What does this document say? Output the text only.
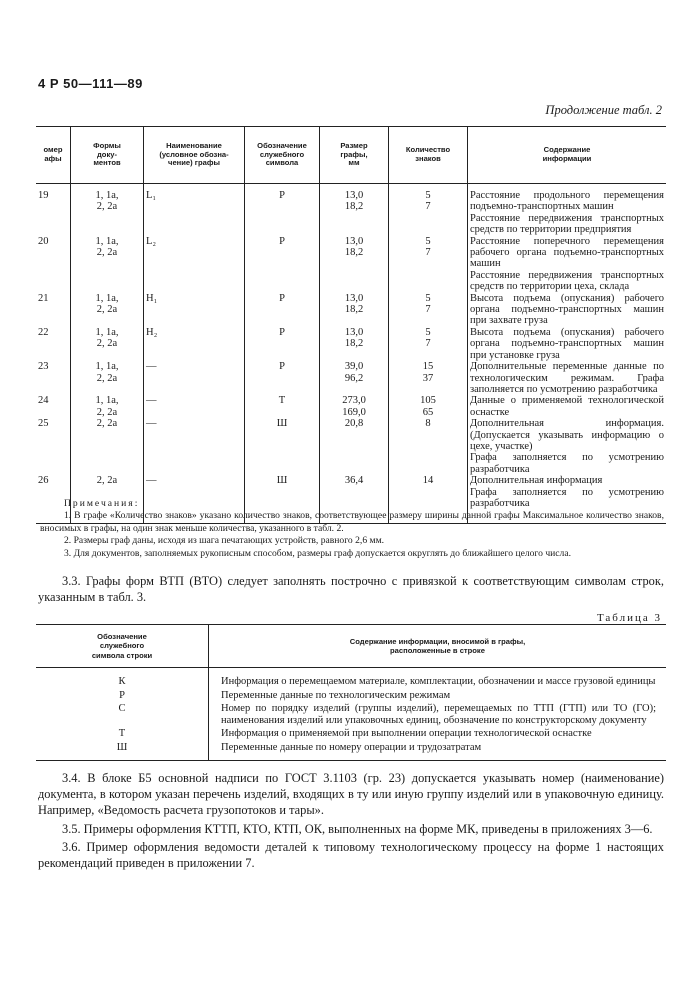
4 Р 50—111—89
Продолжение табл. 2
омер
афы	Формы
доку-
ментов	Наименование
(условное обозна-
чение) графы	Обозначение
служебного
символа	Размер
графы,
мм	Количество
знаков	Содержание
информации
19	1, 1а,
2, 2а	L₁	Р	13,0
18,2	5
7	Расстояние продольного перемещения подъемно-транспортных машин
Расстояние передвижения транспортных средств по территории предприятия
20	1, 1а,
2, 2а	L₂	Р	13,0
18,2	5
7	Расстояние поперечного перемещения рабочего органа подъемно-транспортных машин
Расстояние передвижения транспортных средств по территории цеха, склада
21	1, 1а,
2, 2а	H₁	Р	13,0
18,2	5
7	Высота подъема (опускания) рабочего органа подъемно-транспортных машин при захвате груза
22	1, 1а,
2, 2а	H₂	Р	13,0
18,2	5
7	Высота подъема (опускания) рабочего органа подъемно-транспортных машин при установке груза
23	1, 1а,
2, 2а	—	Р	39,0
96,2	15
37	Дополнительные переменные данные по технологическим режимам. Графа заполняется по усмотрению разработчика
24	1, 1а,
2, 2а	—	Т	273,0
169,0	105
65	Данные о применяемой технологической оснастке
25	2, 2а	—	Ш	20,8	8	Дополнительная информация. (Допускается указывать информацию о цехе, участке)
Графа заполняется по усмотрению разработчика
26	2, 2а	—	Ш	36,4	14	Дополнительная информация
Графа заполняется по усмотрению разработчика
Примечания:

1. В графе «Количество знаков» указано количество знаков, соответствующее размеру ширины данной графы Максимальное количество знаков, вносимых в графы, на один знак меньше количества, указанного в табл. 2.

2. Размеры граф даны, исходя из шага печатающих устройств, равного 2,6 мм.

3. Для документов, заполняемых рукописным способом, размеры граф допускается округлять до ближайшего целого числа.

3.3. Графы форм ВТП (ВТО) следует заполнять построчно с привязкой к соответствующим символам строк, указанным в табл. 3.
Таблица 3
Обозначение
служебного
символа строки	Содержание информации, вносимой в графы,
расположенные в строке
К	Информация о перемещаемом материале, комплектации, обозначении и массе грузовой единицы
Р	Переменные данные по технологическим режимам
С	Номер по порядку изделий (группы изделий), перемещаемых по ТТП (ГТП) или ТО (ГО); наименования изделий или упаковочных единиц, обозначение по конструкторскому документу
Т	Информация о применяемой при выполнении операции технологической оснастке
Ш	Переменные данные по номеру операции и трудозатратам

3.4. В блоке Б5 основной надписи по ГОСТ 3.1103 (гр. 23) допускается указывать номер (наименование) документа, в котором указан перечень изделий, входящих в ту или иную группу изделий или в упаковочную единицу. Например, «Ведомость расчета грузопотоков и тары».

3.5. Примеры оформления КТТП, КТО, КТП, ОК, выполненных на форме МК, приведены в приложениях 3—6.

3.6. Пример оформления ведомости деталей к типовому технологическому процессу на форме 1 настоящих рекомендаций приведен в приложении 7.
